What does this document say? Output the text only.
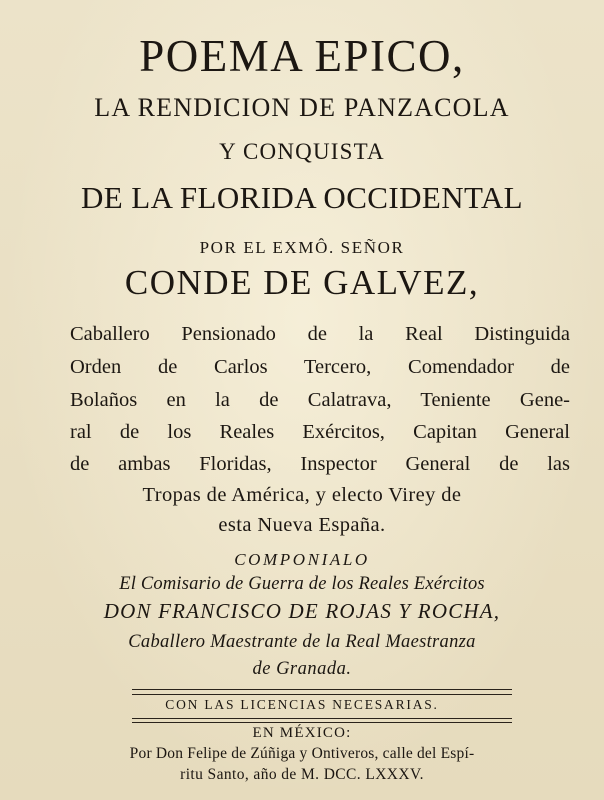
POEMA EPICO,
LA RENDICION DE PANZACOLA
Y CONQUISTA
DE LA FLORIDA OCCIDENTAL
POR EL EXMÔ. SEÑOR
CONDE DE GALVEZ,
Caballero Pensionado de la Real Distinguida
Orden de Carlos Tercero, Comendador de
Bolaños en la de Calatrava, Teniente Gene-
ral de los Reales Exércitos, Capitan General
de ambas Floridas, Inspector General de las
Tropas de América, y electo Virey de
esta Nueva España.
COMPONIALO
El Comisario de Guerra de los Reales Exércitos
DON FRANCISCO DE ROJAS Y ROCHA,
Caballero Maestrante de la Real Maestranza
de Granada.
CON LAS LICENCIAS NECESARIAS.
EN MÉXICO:
Por Don Felipe de Zúñiga y Ontiveros, calle del Espí-
ritu Santo, año de M. DCC. LXXXV.
